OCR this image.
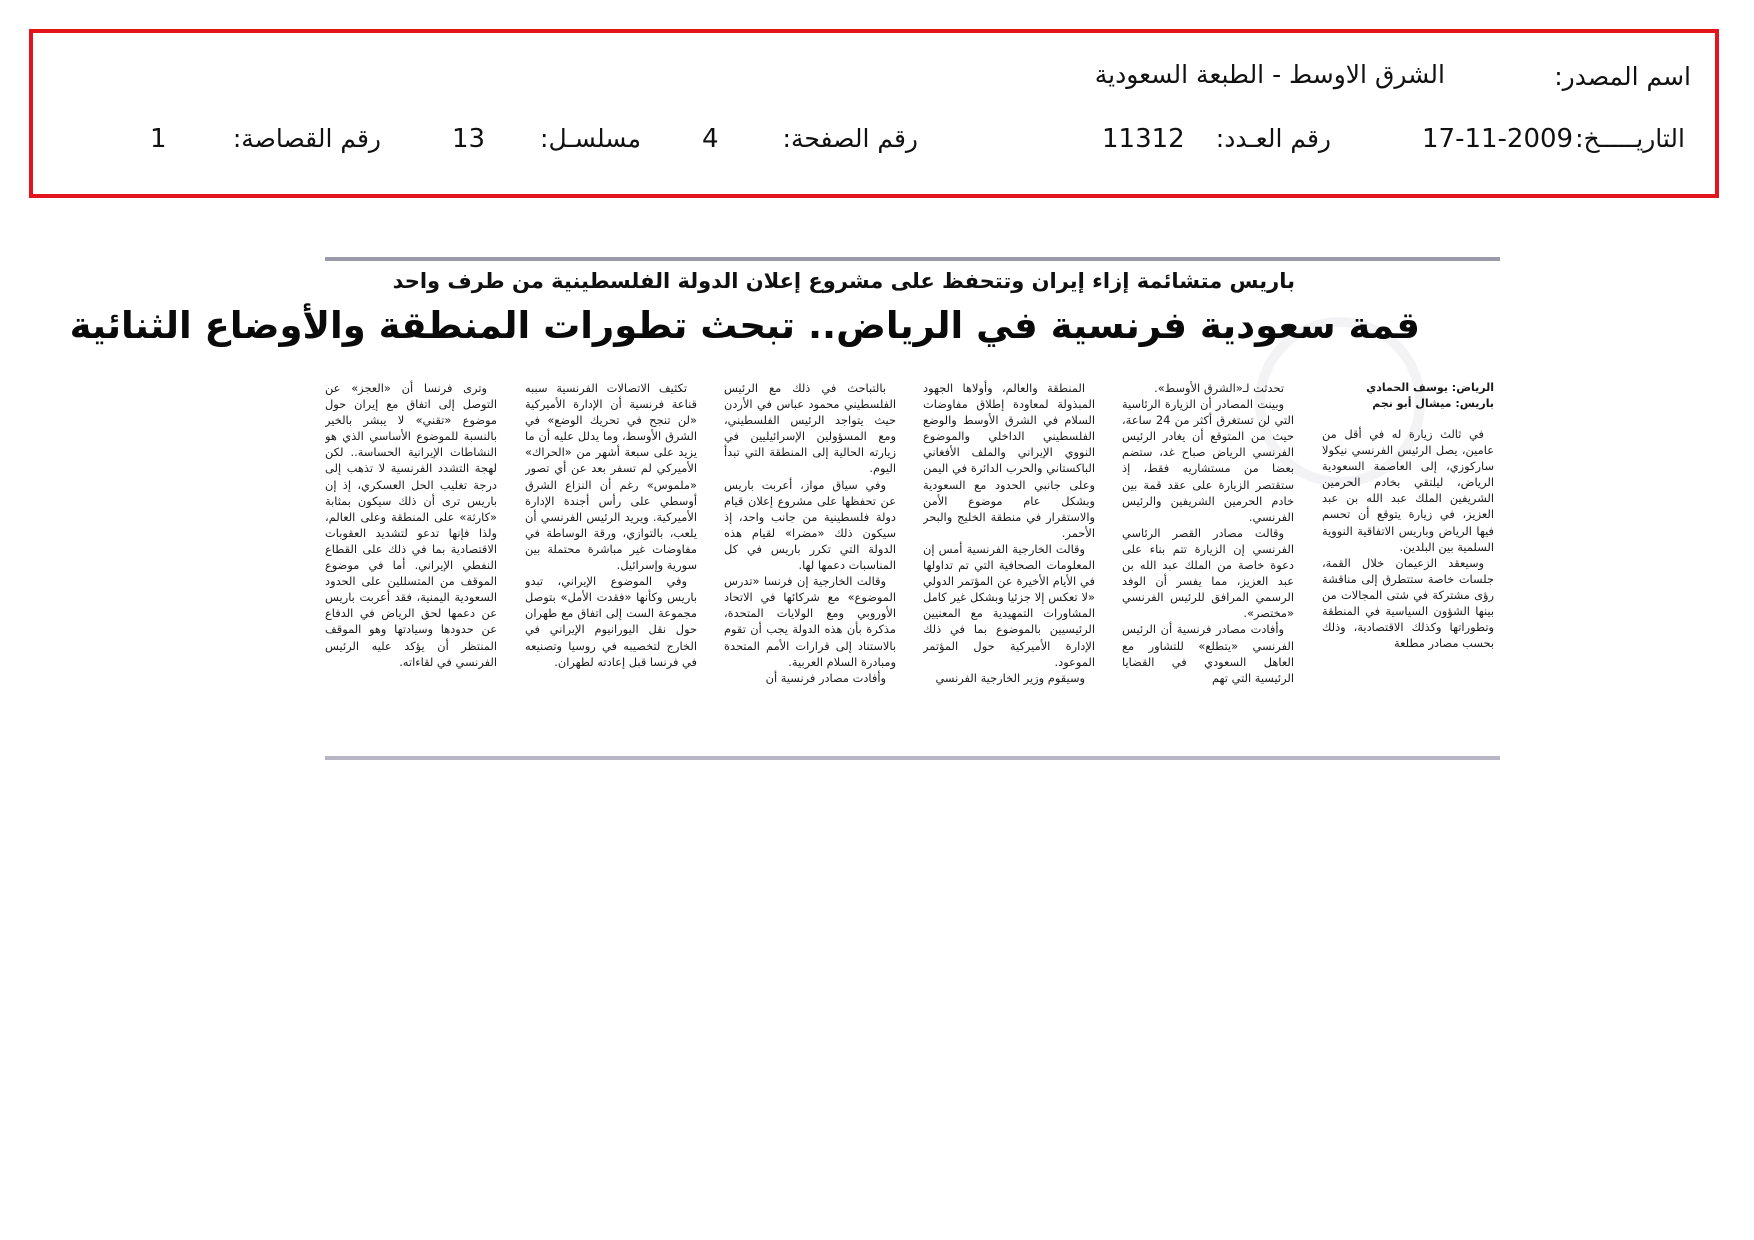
اسم المصدر:
الشرق الاوسط - الطبعة السعودية
التاريـــــخ:
17-11-2009
رقم العـدد:
11312
رقم الصفحة:
4
مسلسـل:
13
رقم القصاصة:
1
باريس متشائمة إزاء إيران وتتحفظ على مشروع إعلان الدولة الفلسطينية من طرف واحد
قمة سعودية فرنسية في الرياض.. تبحث تطورات المنطقة والأوضاع الثنائية
الرياض: يوسف الحمادي
باريس: ميشال أبو نجم

في ثالث زيارة له في أقل من عامين، يصل الرئيس الفرنسي نيكولا ساركوزي، إلى العاصمة السعودية الرياض، ليلتقي بخادم الحرمين الشريفين الملك عبد الله بن عبد العزيز، في زيارة يتوقع أن تحسم فيها الرياض وباريس الاتفاقية النووية السلمية بين البلدين.

وسيعقد الزعيمان خلال القمة، جلسات خاصة ستتطرق إلى مناقشة رؤى مشتركة في شتى المجالات من بينها الشؤون السياسية في المنطقة وتطوراتها وكذلك الاقتصادية، وذلك بحسب مصادر مطلعة

تحدثت لـ«الشرق الأوسط».

وبينت المصادر أن الزيارة الرئاسية التي لن تستغرق أكثر من 24 ساعة، حيث من المتوقع أن يغادر الرئيس الفرنسي الرياض صباح غد، ستضم بعضا من مستشاريه فقط، إذ ستقتصر الزيارة على عقد قمة بين خادم الحرمين الشريفين والرئيس الفرنسي.

وقالت مصادر القصر الرئاسي الفرنسي إن الزيارة تتم بناء على دعوة خاصة من الملك عبد الله بن عبد العزيز، مما يفسر أن الوفد الرسمي المرافق للرئيس الفرنسي «مختصر».

وأفادت مصادر فرنسية أن الرئيس الفرنسي «يتطلع» للتشاور مع العاهل السعودي في القضايا الرئيسية التي تهم

المنطقة والعالم، وأولاها الجهود المبذولة لمعاودة إطلاق مفاوضات السلام في الشرق الأوسط والوضع الفلسطيني الداخلي والموضوع النووي الإيراني والملف الأفغاني الباكستاني والحرب الدائرة في اليمن وعلى جانبي الحدود مع السعودية وبشكل عام موضوع الأمن والاستقرار في منطقة الخليج والبحر الأحمر.

وقالت الخارجية الفرنسية أمس إن المعلومات الصحافية التي تم تداولها في الأيام الأخيرة عن المؤتمر الدولي «لا تعكس إلا جزئيا وبشكل غير كامل المشاورات التمهيدية مع المعنيين الرئيسيين بالموضوع بما في ذلك الإدارة الأميركية حول المؤتمر الموعود.

وسيقوم وزير الخارجية الفرنسي

بالتباحث في ذلك مع الرئيس الفلسطيني محمود عباس في الأردن حيث يتواجد الرئيس الفلسطيني، ومع المسؤولين الإسرائيليين في زيارته الحالية إلى المنطقة التي تبدأ اليوم.

وفي سياق مواز، أعربت باريس عن تحفظها على مشروع إعلان قيام دولة فلسطينية من جانب واحد، إذ سيكون ذلك «مضرا» لقيام هذه الدولة التي تكرر باريس في كل المناسبات دعمها لها.

وقالت الخارجية إن فرنسا «تدرس الموضوع» مع شركائها في الاتحاد الأوروبي ومع الولايات المتحدة، مذكرة بأن هذه الدولة يجب أن تقوم بالاستناد إلى قرارات الأمم المتحدة ومبادرة السلام العربية.

وأفادت مصادر فرنسية أن

تكثيف الاتصالات الفرنسية سببه قناعة فرنسية أن الإدارة الأميركية «لن تنجح في تحريك الوضع» في الشرق الأوسط، وما يدلل عليه أن ما يزيد على سبعة أشهر من «الحراك» الأميركي لم تسفر بعد عن أي تصور «ملموس» رغم أن النزاع الشرق أوسطي على رأس أجندة الإدارة الأميركية. ويريد الرئيس الفرنسي أن يلعب، بالتوازي، ورقة الوساطة في مفاوضات غير مباشرة محتملة بين سورية وإسرائيل.

وفي الموضوع الإيراني، تبدو باريس وكأنها «فقدت الأمل» بتوصل مجموعة الست إلى اتفاق مع طهران حول نقل اليورانيوم الإيراني في الخارج لتخصيبه في روسيا وتصنيعه في فرنسا قبل إعادته لطهران.

وترى فرنسا أن «العجز» عن التوصل إلى اتفاق مع إيران حول موضوع «تقني» لا يبشر بالخير بالنسبة للموضوع الأساسي الذي هو النشاطات الإيرانية الحساسة.. لكن لهجة التشدد الفرنسية لا تذهب إلى درجة تغليب الحل العسكري، إذ إن باريس ترى أن ذلك سيكون بمثابة «كارثة» على المنطقة وعلى العالم، ولذا فإنها تدعو لتشديد العقوبات الاقتصادية بما في ذلك على القطاع النفطي الإيراني. أما في موضوع الموقف من المتسللين على الحدود السعودية اليمنية، فقد أعربت باريس عن دعمها لحق الرياض في الدفاع عن حدودها وسيادتها وهو الموقف المنتظر أن يؤكد عليه الرئيس الفرنسي في لقاءاته.
